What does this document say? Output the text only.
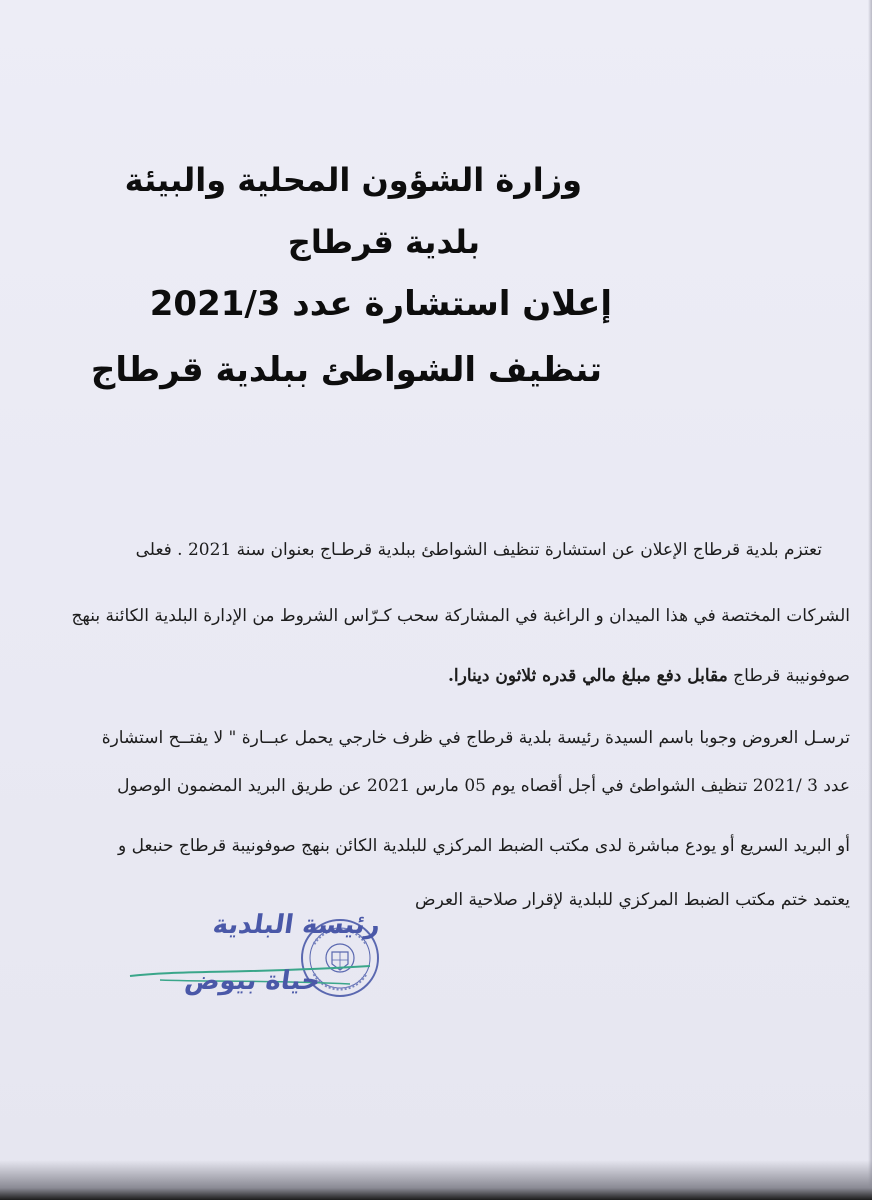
وزارة الشؤون المحلية والبيئة
بلدية قرطاج
إعلان استشارة عدد 2021/3
تنظيف الشواطئ ببلدية قرطاج
تعتزم بلدية قرطاج الإعلان عن استشارة تنظيف الشواطئ ببلدية قرطـاج بعنوان سنة 2021 . فعلى
الشركات المختصة في هذا الميدان و الراغبة في المشاركة سحب كـرّاس الشروط من الإدارة البلدية الكائنة بنهج
صوفونيبة قرطاج مقابل دفع مبلغ مالي قدره ثلاثون دينارا.
ترسـل العروض وجوبا باسم السيدة رئيسة بلدية قرطاج في ظرف خارجي يحمل عبــارة " لا يفتــح استشارة
عدد 3 /2021 تنظيف الشواطئ في أجل أقصاه يوم 05 مارس 2021 عن طريق البريد المضمون الوصول
أو البريد السريع أو يودع مباشرة لدى مكتب الضبط المركزي للبلدية الكائن بنهج صوفونيبة قرطاج حنبعل و
يعتمد ختم مكتب الضبط المركزي للبلدية لإقرار صلاحية العرض
رئيسة البلدية
حياة بيوض
